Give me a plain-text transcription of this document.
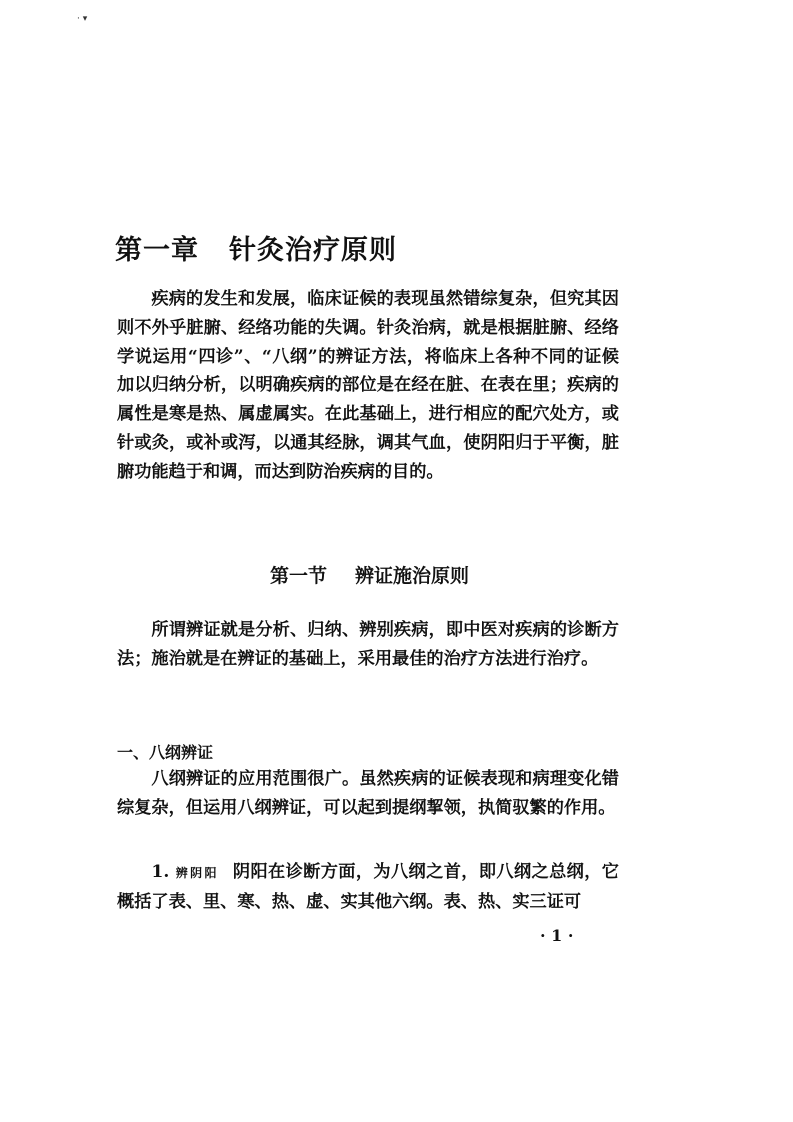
· ▾
第一章 针灸治疗原则

疾病的发生和发展，临床证候的表现虽然错综复杂，但究其因则不外乎脏腑、经络功能的失调。针灸治病，就是根据脏腑、经络学说运用“四诊”、“八纲”的辨证方法，将临床上各种不同的证候加以归纳分析，以明确疾病的部位是在经在脏、在表在里；疾病的属性是寒是热、属虚属实。在此基础上，进行相应的配穴处方，或针或灸，或补或泻，以通其经脉，调其气血，使阴阳归于平衡，脏腑功能趋于和调，而达到防治疾病的目的。

第一节 辨证施治原则

所谓辨证就是分析、归纳、辨别疾病，即中医对疾病的诊断方法；施治就是在辨证的基础上，采用最佳的治疗方法进行治疗。

一、八纲辨证

八纲辨证的应用范围很广。虽然疾病的证候表现和病理变化错综复杂，但运用八纲辨证，可以起到提纲挈领，执简驭繁的作用。

1. 辨阴阳 阴阳在诊断方面，为八纲之首，即八纲之总纲，它概括了表、里、寒、热、虚、实其他六纲。表、热、实三证可

· 1 ·
